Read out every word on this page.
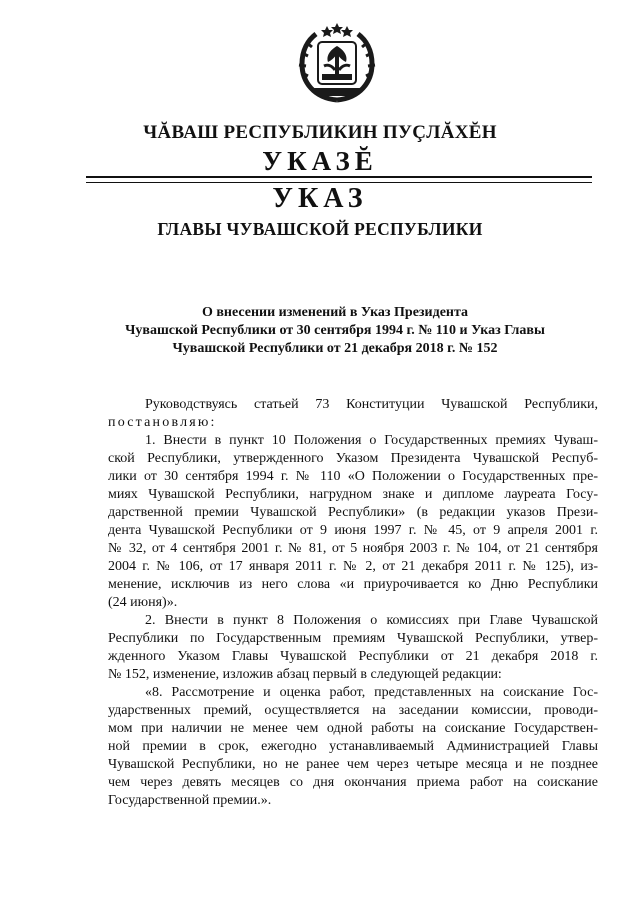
ЧĂВАШ РЕСПУБЛИКИН ПУÇЛĂХĔН
УКАЗĔ
УКАЗ
ГЛАВЫ ЧУВАШСКОЙ РЕСПУБЛИКИ
О внесении изменений в Указ Президента
Чувашской Республики от 30 сентября 1994 г. № 110 и Указ Главы
Чувашской Республики от 21 декабря 2018 г. № 152
Руководствуясь статьей 73 Конституции Чувашской Республики,
постановляю:
1. Внести в пункт 10 Положения о Государственных премиях Чуваш-
ской Республики, утвержденного Указом Президента Чувашской Респуб-
лики от 30 сентября 1994 г. № 110 «О Положении о Государственных пре-
миях Чувашской Республики, нагрудном знаке и дипломе лауреата Госу-
дарственной премии Чувашской Республики» (в редакции указов Прези-
дента Чувашской Республики от 9 июня 1997 г. № 45, от 9 апреля 2001 г.
№ 32, от 4 сентября 2001 г. № 81, от 5 ноября 2003 г. № 104, от 21 сентября
2004 г. № 106, от 17 января 2011 г. № 2, от 21 декабря 2011 г. № 125), из-
менение, исключив из него слова «и приурочивается ко Дню Республики
(24 июня)».
2. Внести в пункт 8 Положения о комиссиях при Главе Чувашской
Республики по Государственным премиям Чувашской Республики, утвер-
жденного Указом Главы Чувашской Республики от 21 декабря 2018 г.
№ 152, изменение, изложив абзац первый в следующей редакции:
«8. Рассмотрение и оценка работ, представленных на соискание Гос-
ударственных премий, осуществляется на заседании комиссии, проводи-
мом при наличии не менее чем одной работы на соискание Государствен-
ной премии в срок, ежегодно устанавливаемый Администрацией Главы
Чувашской Республики, но не ранее чем через четыре месяца и не позднее
чем через девять месяцев со дня окончания приема работ на соискание
Государственной премии.».
